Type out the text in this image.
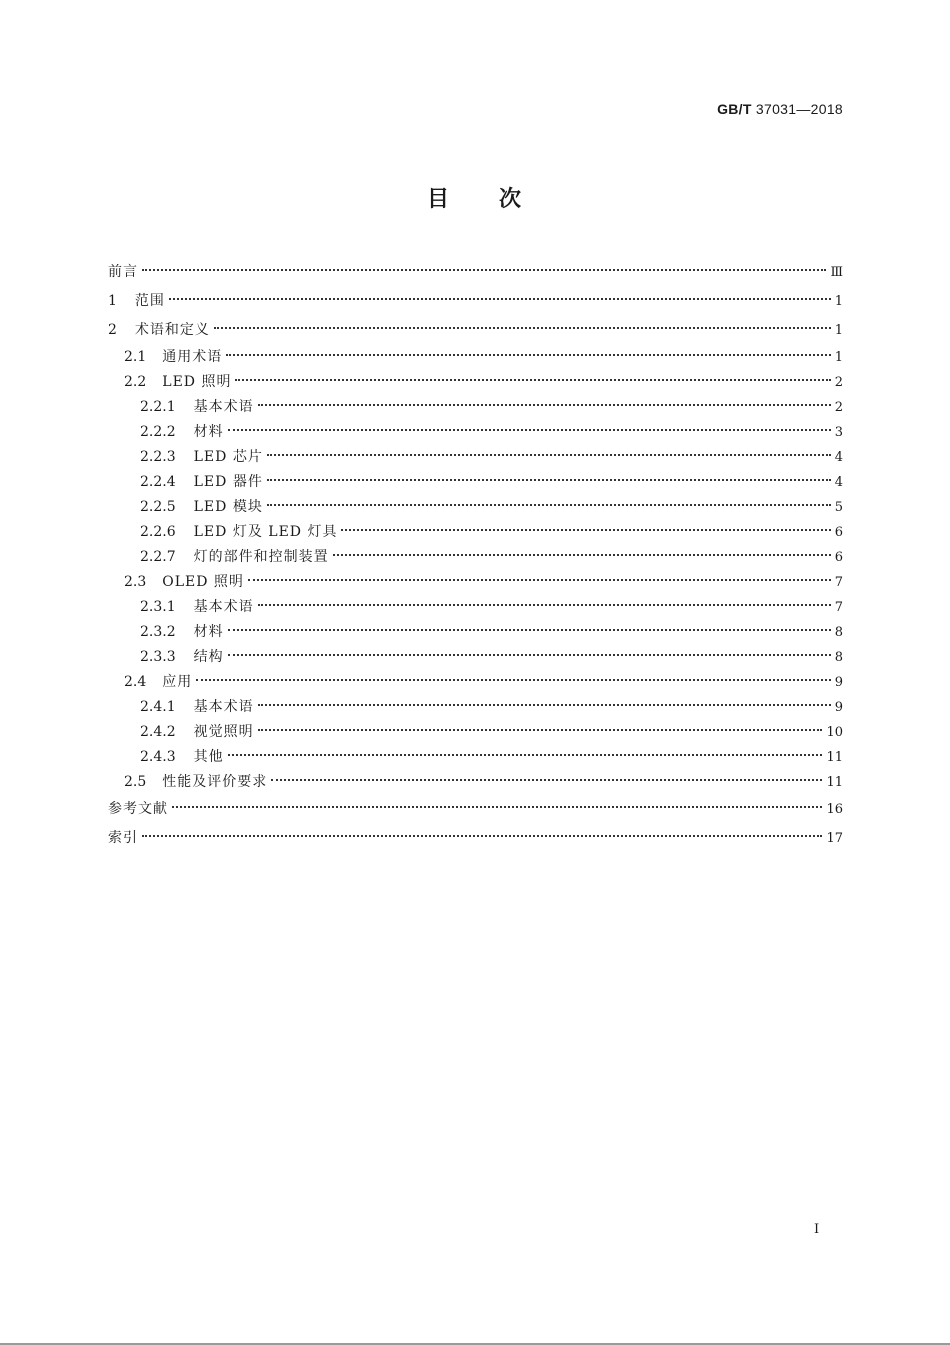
GB/T 37031—2018
目 次
前言	Ⅲ
1 范围	1
2 术语和定义	1
2.1 通用术语	1
2.2 LED 照明	2
2.2.1 基本术语	2
2.2.2 材料	3
2.2.3 LED 芯片	4
2.2.4 LED 器件	4
2.2.5 LED 模块	5
2.2.6 LED 灯及 LED 灯具	6
2.2.7 灯的部件和控制装置	6
2.3 OLED 照明	7
2.3.1 基本术语	7
2.3.2 材料	8
2.3.3 结构	8
2.4 应用	9
2.4.1 基本术语	9
2.4.2 视觉照明	10
2.4.3 其他	11
2.5 性能及评价要求	11
参考文献	16
索引	17
Ⅰ
